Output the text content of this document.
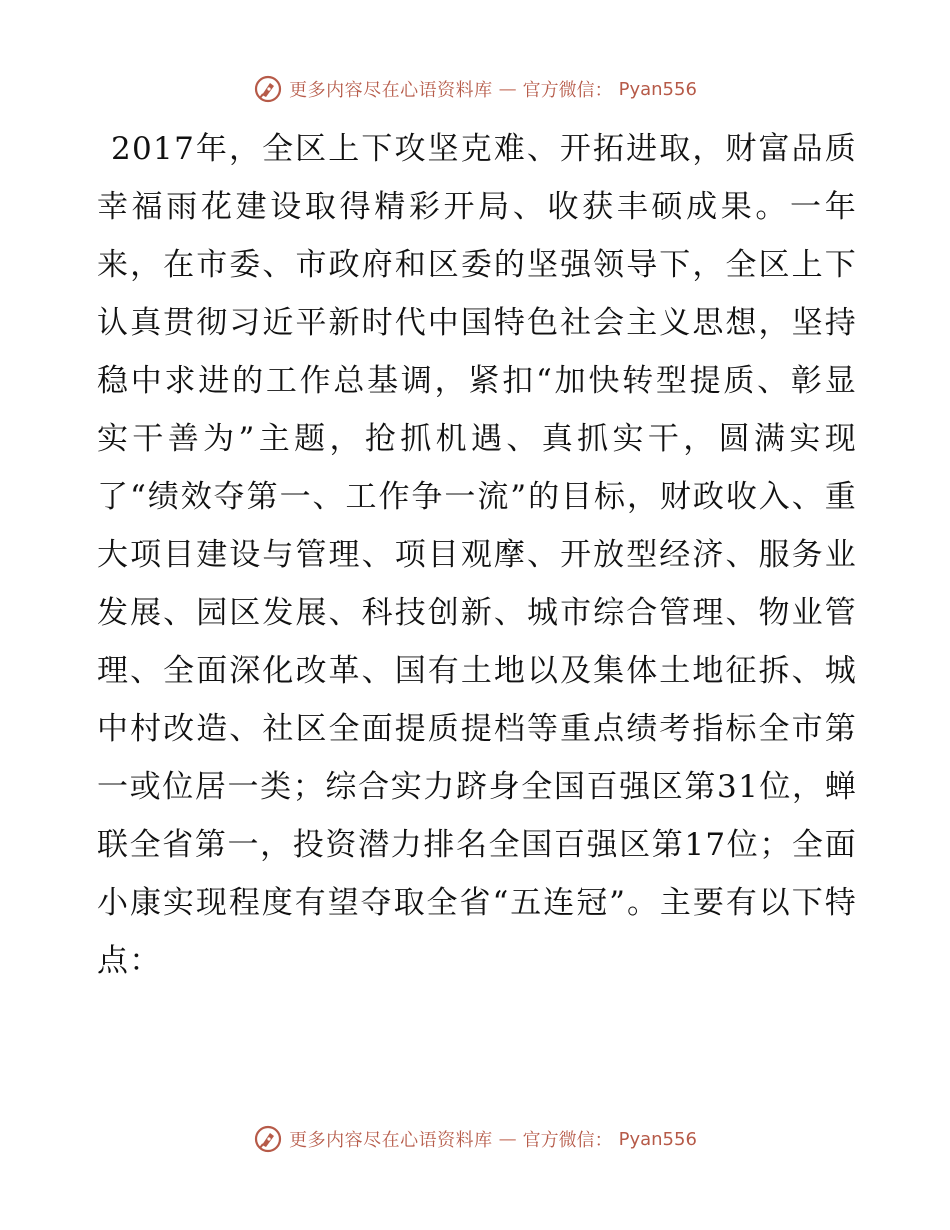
更多内容尽在心语资料库 — 官方微信： Pyan556

2017年，全区上下攻坚克难、开拓进取，财富品质幸福雨花建设取得精彩开局、收获丰硕成果。一年来，在市委、市政府和区委的坚强领导下，全区上下认真贯彻习近平新时代中国特色社会主义思想，坚持稳中求进的工作总基调，紧扣“加快转型提质、彰显实干善为”主题，抢抓机遇、真抓实干，圆满实现了“绩效夺第一、工作争一流”的目标，财政收入、重大项目建设与管理、项目观摩、开放型经济、服务业发展、园区发展、科技创新、城市综合管理、物业管理、全面深化改革、国有土地以及集体土地征拆、城中村改造、社区全面提质提档等重点绩考指标全市第一或位居一类；综合实力跻身全国百强区第31位，蝉联全省第一，投资潜力排名全国百强区第17位；全面小康实现程度有望夺取全省“五连冠”。主要有以下特点：

更多内容尽在心语资料库 — 官方微信： Pyan556
